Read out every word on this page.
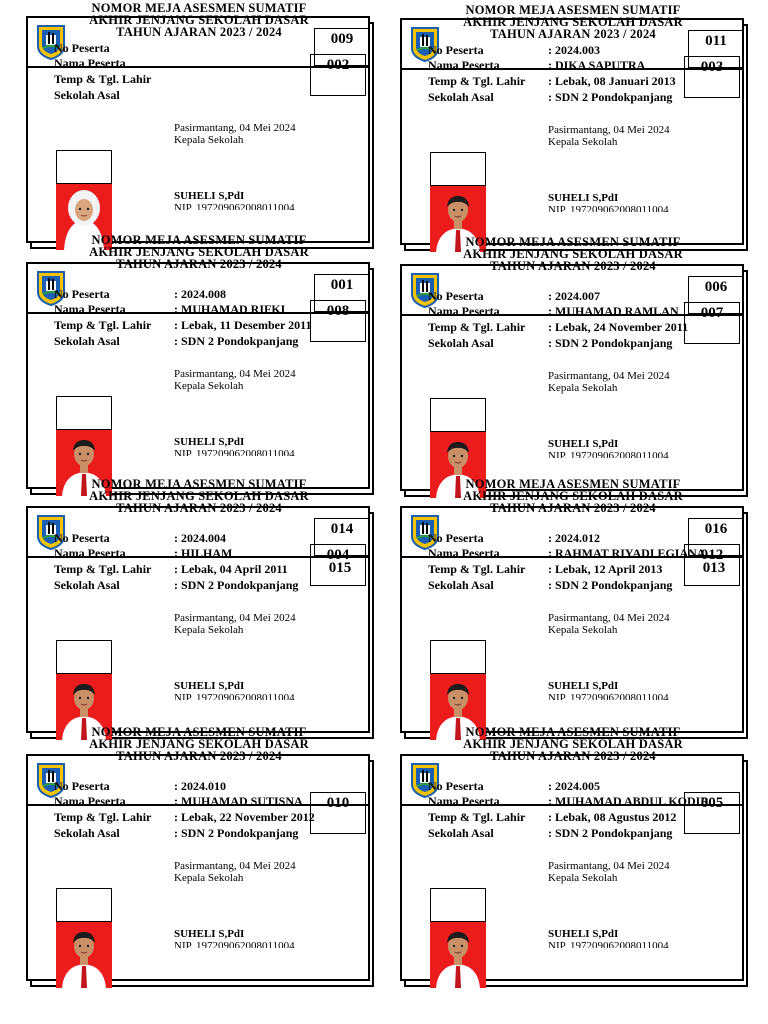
NOMOR MEJA ASESMEN SUMATIF
AKHIR JENJANG SEKOLAH DASAR
TAHUN AJARAN 2023 / 2024
No Peserta
Nama Peserta
Temp & Tgl. Lahir
Sekolah Asal
009
002
Pasirmantang, 04 Mei 2024
Kepala Sekolah
SUHELI S,PdI
NIP. 197209062008011004
NOMOR MEJA ASESMEN SUMATIF
AKHIR JENJANG SEKOLAH DASAR
TAHUN AJARAN 2023 / 2024
No Peserta	: 2024.003
Nama Peserta	: DIKA SAPUTRA
Temp & Tgl. Lahir : Lebak, 08 Januari 2013
Sekolah Asal	: SDN 2 Pondokpanjang
011
003
Pasirmantang, 04 Mei 2024
Kepala Sekolah
SUHELI S,PdI
NIP. 197209062008011004
NOMOR MEJA ASESMEN SUMATIF
AKHIR JENJANG SEKOLAH DASAR
TAHUN AJARAN 2023 / 2024
No Peserta	: 2024.008
Nama Peserta	: MUHAMAD RIFKI
Temp & Tgl. Lahir : Lebak, 11 Desember 2011
Sekolah Asal	: SDN 2 Pondokpanjang
001
008
Pasirmantang, 04 Mei 2024
Kepala Sekolah
SUHELI S,PdI
NIP. 197209062008011004
NOMOR MEJA ASESMEN SUMATIF
AKHIR JENJANG SEKOLAH DASAR
TAHUN AJARAN 2023 / 2024
No Peserta	: 2024.007
Nama Peserta	: MUHAMAD RAMLAN
Temp & Tgl. Lahir : Lebak, 24 November 2011
Sekolah Asal	: SDN 2 Pondokpanjang
006
007
Pasirmantang, 04 Mei 2024
Kepala Sekolah
SUHELI S,PdI
NIP. 197209062008011004
NOMOR MEJA ASESMEN SUMATIF
AKHIR JENJANG SEKOLAH DASAR
TAHUN AJARAN 2023 / 2024
No Peserta	: 2024.004
Nama Peserta	: HILHAM
Temp & Tgl. Lahir : Lebak, 04 April 2011
Sekolah Asal	: SDN 2 Pondokpanjang
014
004
015
Pasirmantang, 04 Mei 2024
Kepala Sekolah
SUHELI S,PdI
NIP. 197209062008011004
NOMOR MEJA ASESMEN SUMATIF
AKHIR JENJANG SEKOLAH DASAR
TAHUN AJARAN 2023 / 2024
No Peserta	: 2024.012
Nama Peserta	: RAHMAT RIYADI EGIANA
Temp & Tgl. Lahir : Lebak, 12 April 2013
Sekolah Asal	: SDN 2 Pondokpanjang
016
012
013
Pasirmantang, 04 Mei 2024
Kepala Sekolah
SUHELI S,PdI
NIP. 197209062008011004
NOMOR MEJA ASESMEN SUMATIF
AKHIR JENJANG SEKOLAH DASAR
TAHUN AJARAN 2023 / 2024
No Peserta	: 2024.010
Nama Peserta	: MUHAMAD SUTISNA
Temp & Tgl. Lahir : Lebak, 22 November 2012
Sekolah Asal	: SDN 2 Pondokpanjang
010
Pasirmantang, 04 Mei 2024
Kepala Sekolah
SUHELI S,PdI
NIP. 197209062008011004
NOMOR MEJA ASESMEN SUMATIF
AKHIR JENJANG SEKOLAH DASAR
TAHUN AJARAN 2023 / 2024
No Peserta	: 2024.005
Nama Peserta	: MUHAMAD ABDUL KODIR
Temp & Tgl. Lahir : Lebak, 08 Agustus 2012
Sekolah Asal	: SDN 2 Pondokpanjang
005
Pasirmantang, 04 Mei 2024
Kepala Sekolah
SUHELI S,PdI
NIP. 197209062008011004
